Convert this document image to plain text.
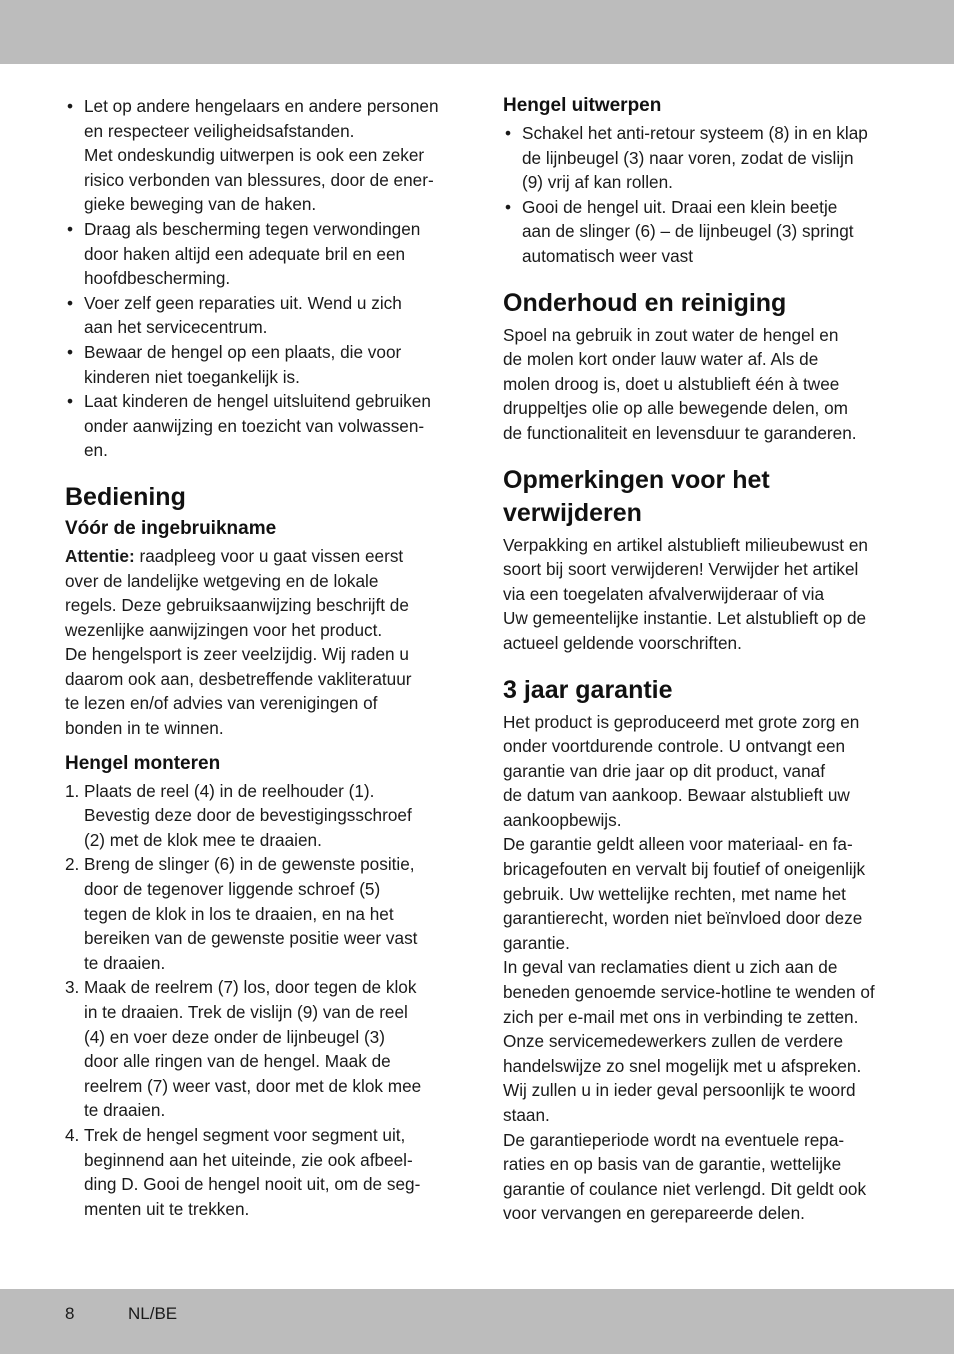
• Let op andere hengelaars en andere personen
en respecteer veiligheidsafstanden.
Met ondeskundig uitwerpen is ook een zeker
risico verbonden van blessures, door de ener-
gieke beweging van de haken.
• Draag als bescherming tegen verwondingen
door haken altijd een adequate bril en een
hoofdbescherming.
• Voer zelf geen reparaties uit. Wend u zich
aan het servicecentrum.
• Bewaar de hengel op een plaats, die voor
kinderen niet toegankelijk is.
• Laat kinderen de hengel uitsluitend gebruiken
onder aanwijzing en toezicht van volwassen-
en.
Bediening
Vóór de ingebruikname

Attentie: raadpleeg voor u gaat vissen eerst
over de landelijke wetgeving en de lokale
regels. Deze gebruiksaanwijzing beschrijft de
wezenlijke aanwijzingen voor het product.
De hengelsport is zeer veelzijdig. Wij raden u
daarom ook aan, desbetreffende vakliteratuur
te lezen en/of advies van verenigingen of
bonden in te winnen.

Hengel monteren
1. Plaats de reel (4) in de reelhouder (1).
Bevestig deze door de bevestigingsschroef
(2) met de klok mee te draaien.
2. Breng de slinger (6) in de gewenste positie,
door de tegenover liggende schroef (5)
tegen de klok in los te draaien, en na het
bereiken van de gewenste positie weer vast
te draaien.
3. Maak de reelrem (7) los, door tegen de klok
in te draaien. Trek de vislijn (9) van de reel
(4) en voer deze onder de lijnbeugel (3)
door alle ringen van de hengel. Maak de
reelrem (7) weer vast, door met de klok mee
te draaien.
4. Trek de hengel segment voor segment uit,
beginnend aan het uiteinde, zie ook afbeel-
ding D. Gooi de hengel nooit uit, om de seg-
menten uit te trekken.
Hengel uitwerpen
• Schakel het anti-retour systeem (8) in en klap
de lijnbeugel (3) naar voren, zodat de vislijn
(9) vrij af kan rollen.
• Gooi de hengel uit. Draai een klein beetje
aan de slinger (6) – de lijnbeugel (3) springt
automatisch weer vast
Onderhoud en reiniging

Spoel na gebruik in zout water de hengel en
de molen kort onder lauw water af. Als de
molen droog is, doet u alstublieft één à twee
druppeltjes olie op alle bewegende delen, om
de functionaliteit en levensduur te garanderen.

Opmerkingen voor het
verwijderen

Verpakking en artikel alstublieft milieubewust en
soort bij soort verwijderen! Verwijder het artikel
via een toegelaten afvalverwijderaar of via
Uw gemeentelijke instantie. Let alstublieft op de
actueel geldende voorschriften.

3 jaar garantie

Het product is geproduceerd met grote zorg en
onder voortdurende controle. U ontvangt een
garantie van drie jaar op dit product, vanaf
de datum van aankoop. Bewaar alstublieft uw
aankoopbewijs.
De garantie geldt alleen voor materiaal- en fa-
bricagefouten en vervalt bij foutief of oneigenlijk
gebruik. Uw wettelijke rechten, met name het
garantierecht, worden niet beïnvloed door deze
garantie.
In geval van reclamaties dient u zich aan de
beneden genoemde service-hotline te wenden of
zich per e-mail met ons in verbinding te zetten.
Onze servicemedewerkers zullen de verdere
handelswijze zo snel mogelijk met u afspreken.
Wij zullen u in ieder geval persoonlijk te woord
staan.
De garantieperiode wordt na eventuele repa-
raties en op basis van de garantie, wettelijke
garantie of coulance niet verlengd. Dit geldt ook
voor vervangen en gerepareerde delen.

8	NL/BE
